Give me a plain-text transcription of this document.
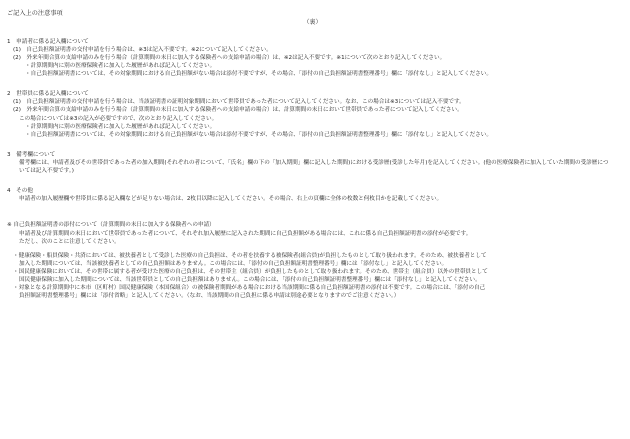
ご記入上の注意事項

（裏）

1　申請者に係る記入欄について

(1)　自己負担額証明書の交付申請を行う場合は、※3は記入不要です。※2について記入してください。

(2)　外来年間合算の支給申請のみを行う場合（計算期間の末日に加入する保険者への支給申請の場合）は、※2は記入不要です。※1について次のとおり記入してください。

・計算期間内に別の医療保険者に加入した履歴があれば記入してください。

・自己負担額証明書については、その対象期間における自己負担額がない場合は添付不要ですが、その場合、「添付の自己負担額証明書整理番号」欄に「添付なし」と記入してください。

2　世帯員に係る記入欄について

(1)　自己負担額証明書の交付申請を行う場合は、当該証明書の証明対象期間において世帯員であった者について記入してください。なお、この場合は※3については記入不要です。

(2)　外来年間合算の支給申請のみを行う場合（計算期間の末日に加入する保険者への支給申請の場合）は、計算期間の末日において世帯員であった者について記入してください。

この場合については※3の記入が必要ですので、次のとおり記入してください。

・計算期間内に別の医療保険者に加入した履歴があれば記入してください。

・自己負担額証明書については、その対象期間における自己負担額がない場合は添付不要ですが、その場合、「添付の自己負担額証明書整理番号」欄に「添付なし」と記入してください。

3　備考欄について

備考欄には、申請者及びその世帯員であった者の加入期間(それぞれの者について、「氏名」欄の下の「加入期間」欄に記入した期間)における受診歴(受診した年月)を記入してください。(他の医療保険者に加入していた期間の受診歴については記入不要です。)

4　その他

申請者の加入履歴欄や世帯員に係る記入欄などが足りない場合は、2枚目以降に記入してください。その場合、右上の頁欄に全体の枚数と何枚目かを記載してください。

※ 自己負担額証明書の添付について（計算期間の末日に加入する保険者への申請）

申請者及び計算期間の末日において世帯員であった者について、それぞれ加入履歴に記入された期間に自己負担額がある場合には、これに係る自己負担額証明書の添付が必要です。

ただし、次のことに注意してください。

・健康保険・船員保険・共済においては、被扶養者として受診した医療の自己負担は、その者を扶養する被保険者(組合員)が負担したものとして取り扱われます。そのため、被扶養者として

加入した期間については、当該被扶養者としての自己負担額はありません。この場合には、「添付の自己負担額証明書整理番号」欄には「添付なし」と記入してください。

・国民健康保険においては、その世帯に属する者が受けた医療の自己負担は、その世帯主（組合員）が負担したものとして取り扱われます。そのため、世帯主（組合員）以外の世帯員として

国民健康保険に加入した期間については、当該世帯員としての自己負担額はありません。この場合には、「添付の自己負担額証明書整理番号」欄には「添付なし」と記入してください。

・対象となる計算期間中に本市（区町村）国民健康保険（本国保組合）の被保険者期間がある場合における当該期間に係る自己負担額証明書の添付は不要です。この場合には、「添付の自己

負担額証明書整理番号」欄には「添付省略」と記入してください。（なお、当該期間の自己負担に係る申請は別途必要となりますのでご注意ください。）
